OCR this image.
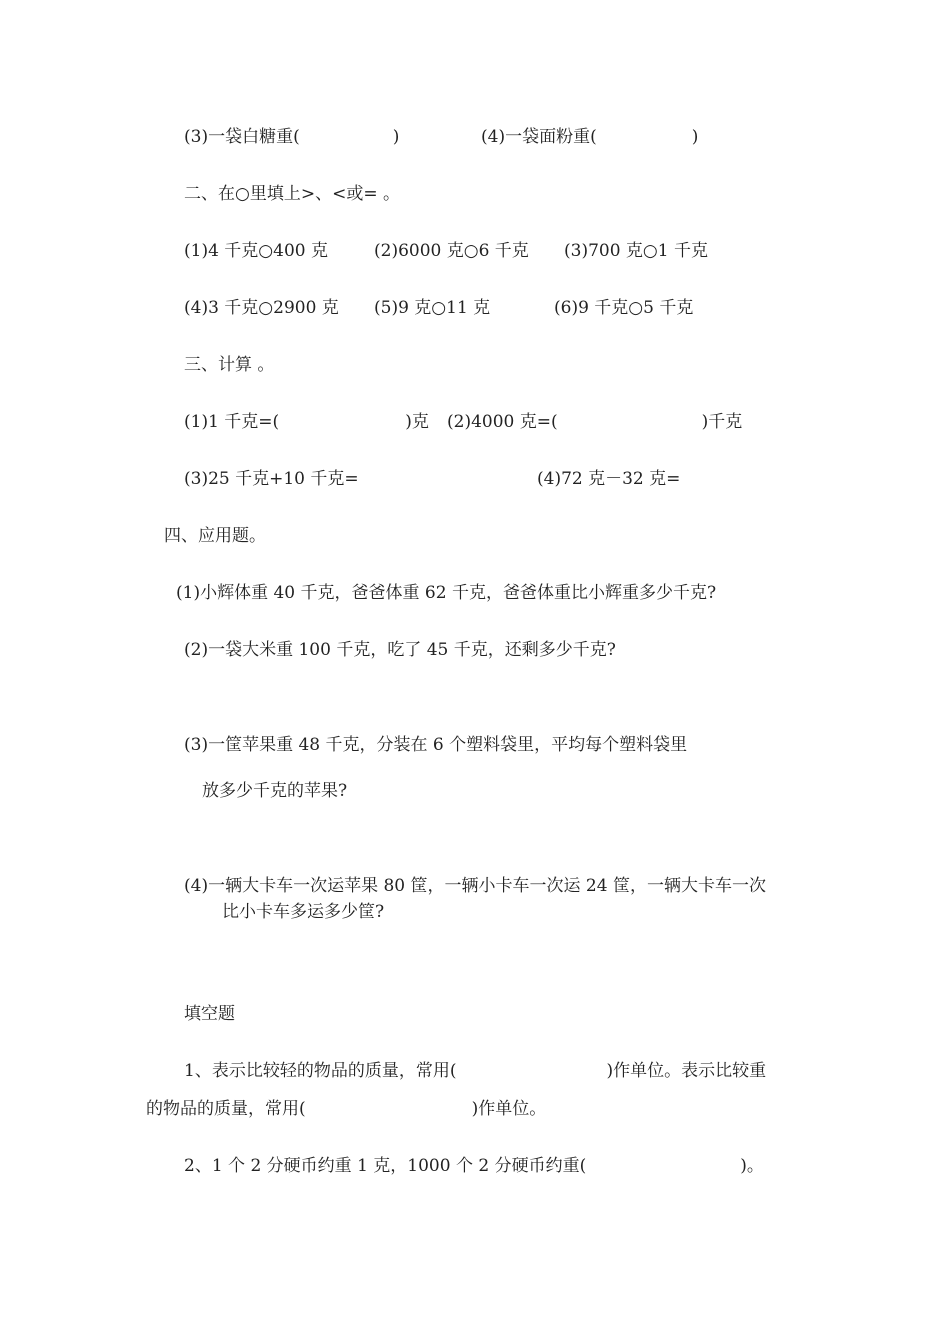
(3)一袋白糖重(	)	(4)一袋面粉重(	)
二、在○里填上>、<或= 。
(1)4 千克○400 克	(2)6000 克○6 千克 (3)700 克○1 千克
(4)3 千克○2900 克 (5)9 克○11 克	(6)9 千克○5 千克
三、计算 。
(1)1 千克=(	)克 (2)4000 克=(	)千克
(3)25 千克+10 千克=	(4)72 克－32 克=
四、应用题。
(1)小辉体重 40 千克，爸爸体重 62 千克，爸爸体重比小辉重多少千克?
(2)一袋大米重 100 千克，吃了 45 千克，还剩多少千克?
(3)一筐苹果重 48 千克，分装在 6 个塑料袋里，平均每个塑料袋里
放多少千克的苹果?
(4)一辆大卡车一次运苹果 80 筐，一辆小卡车一次运 24 筐，一辆大卡车一次
比小卡车多运多少筐?
填空题
1、表示比较轻的物品的质量，常用(	)作单位。表示比较重
的物品的质量，常用(	)作单位。
2、1 个 2 分硬币约重 1 克，1000 个 2 分硬币约重(	)。
